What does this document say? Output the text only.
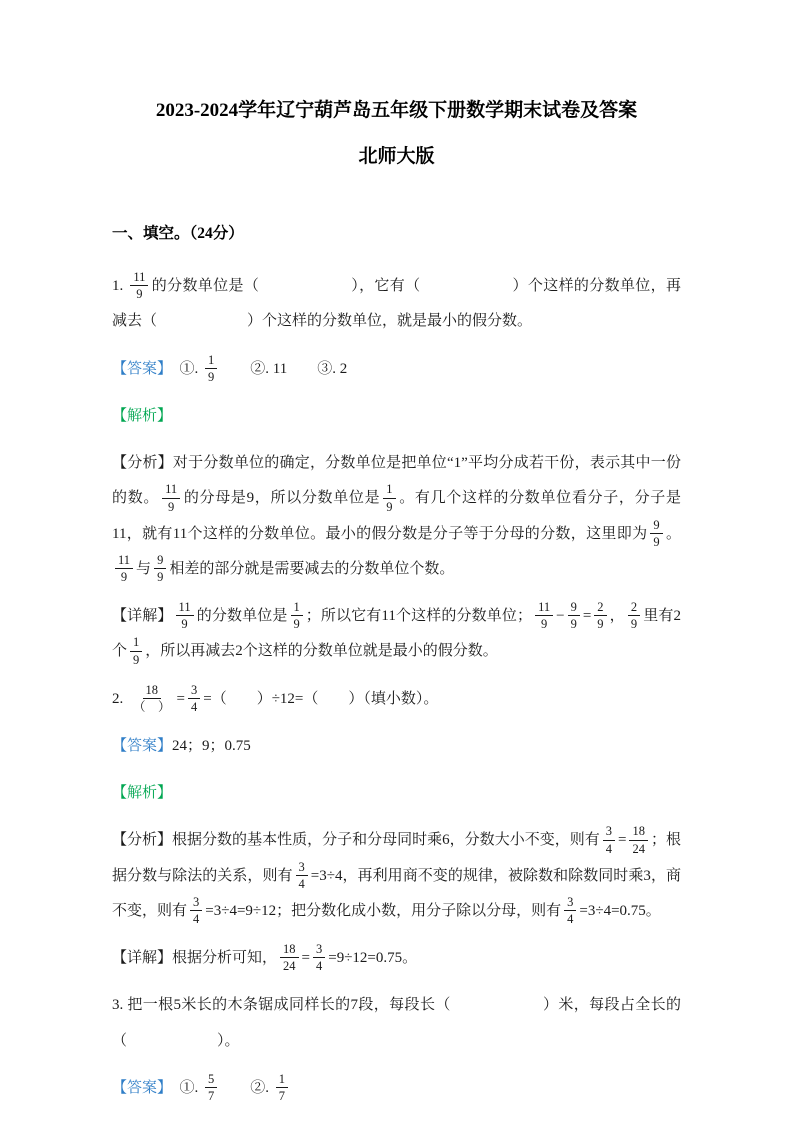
2023-2024学年辽宁葫芦岛五年级下册数学期末试卷及答案
北师大版
一、填空。（24分）

1. $\frac{11}{9}$ 的分数单位是（　　　　　　），它有（　　　　　　）个这样的分数单位，再减去（　　　　　　）个这样的分数单位，就是最小的假分数。

【答案】　①. $\frac{1}{9}$ 　　②. 11　　③. 2

【解析】

【分析】对于分数单位的确定，分数单位是把单位“1”平均分成若干份，表示其中一份的数。 $\frac{11}{9}$ 的分母是9，所以分数单位是 $\frac{1}{9}$ 。有几个这样的分数单位看分子，分子是11，就有11个这样的分数单位。最小的假分数是分子等于分母的分数，这里即为 $\frac{9}{9}$ 。
$\frac{11}{9}$ 与 $\frac{9}{9}$ 相差的部分就是需要减去的分数单位个数。

【详解】 $\frac{11}{9}$ 的分数单位是 $\frac{1}{9}$ ；所以它有11个这样的分数单位； $\frac{11}{9} - \frac{9}{9} = \frac{2}{9}$ ， $\frac{2}{9}$ 里有2个 $\frac{1}{9}$ ，所以再减去2个这样的分数单位就是最小的假分数。

2. $\frac{18}{( )} = \frac{3}{4}$ =（　　）÷12=（　　）（填小数）。

【答案】24；9；0.75

【解析】

【分析】根据分数的基本性质，分子和分母同时乘6，分数大小不变，则有 $\frac{3}{4} = \frac{18}{24}$ ；根据分数与除法的关系，则有 $\frac{3}{4} =3\div 4$，再利用商不变的规律，被除数和除数同时乘3，商不变，则有 $\frac{3}{4} =3\div 4=9\div 12$；把分数化成小数，用分子除以分母，则有 $\frac{3}{4} =3\div 4=0.75$。

【详解】根据分析可知， $\frac{18}{24} = \frac{3}{4} =9\div 12=0.75$。

3. 把一根5米长的木条锯成同样长的7段，每段长（　　　　　　）米，每段占全长的（　　　　　　）。

【答案】　①. $\frac{5}{7}$ 　　②. $\frac{1}{7}$
